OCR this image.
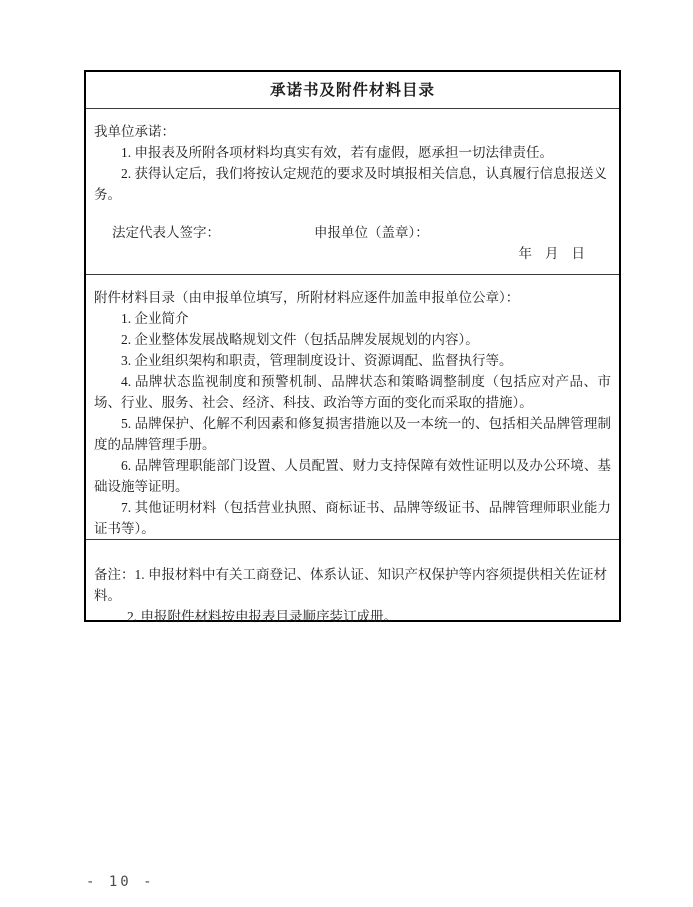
承诺书及附件材料目录

我单位承诺：

1. 申报表及所附各项材料均真实有效，若有虚假，愿承担一切法律责任。

2. 获得认定后，我们将按认定规范的要求及时填报相关信息，认真履行信息报送义务。

法定代表人签字：	申报单位（盖章）：
年 月 日

附件材料目录（由申报单位填写，所附材料应逐件加盖申报单位公章）：

1. 企业简介

2. 企业整体发展战略规划文件（包括品牌发展规划的内容）。

3. 企业组织架构和职责，管理制度设计、资源调配、监督执行等。

4. 品牌状态监视制度和预警机制、品牌状态和策略调整制度（包括应对产品、市场、行业、服务、社会、经济、科技、政治等方面的变化而采取的措施）。

5. 品牌保护、化解不利因素和修复损害措施以及一本统一的、包括相关品牌管理制度的品牌管理手册。

6. 品牌管理职能部门设置、人员配置、财力支持保障有效性证明以及办公环境、基础设施等证明。

7. 其他证明材料（包括营业执照、商标证书、品牌等级证书、品牌管理师职业能力证书等）。

备注：1. 申报材料中有关工商登记、体系认证、知识产权保护等内容须提供相关佐证材料。

2. 申报附件材料按申报表目录顺序装订成册。

- 10 -
